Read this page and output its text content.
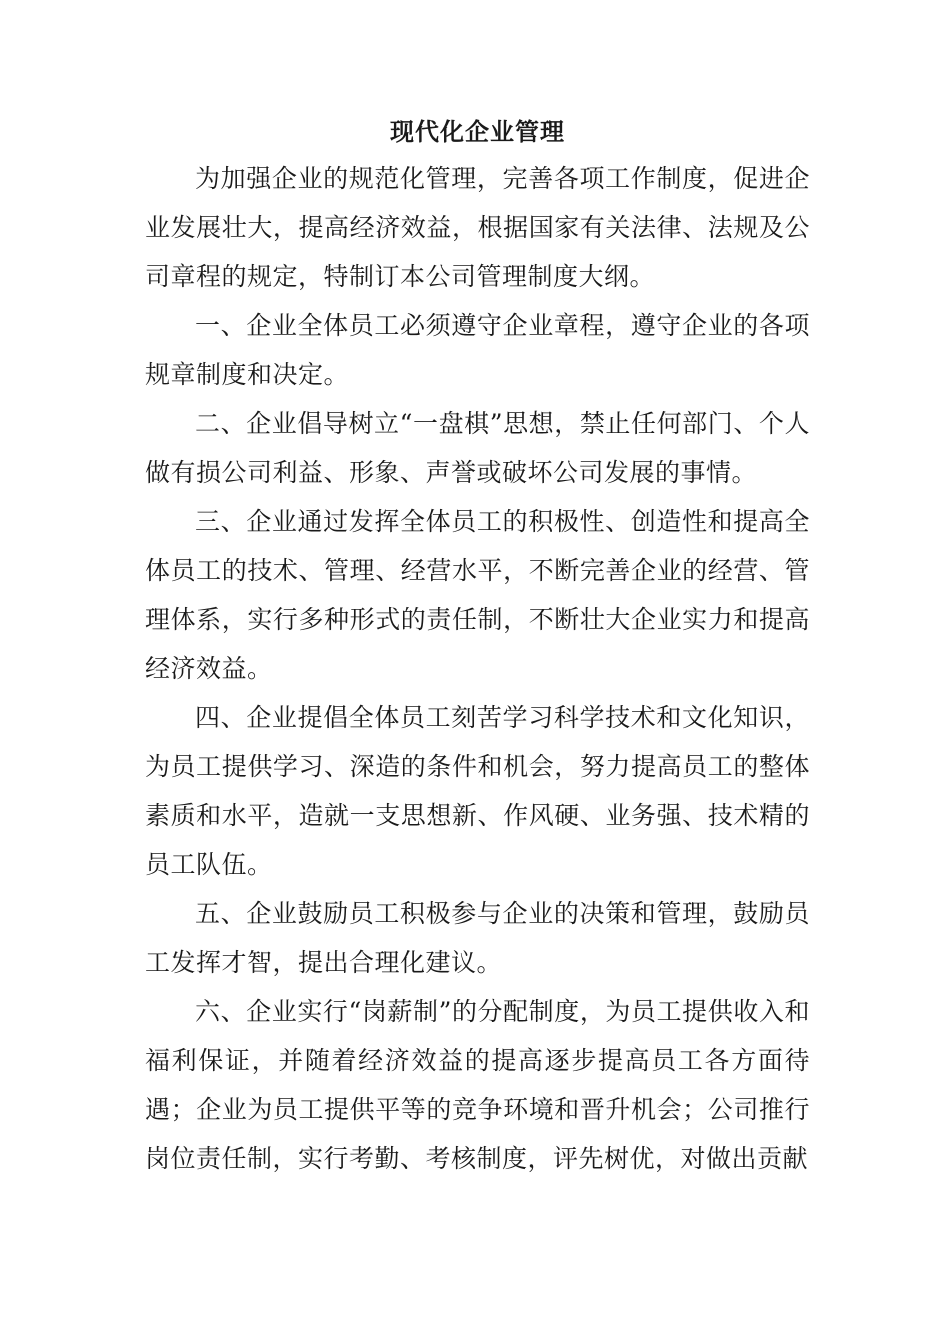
现代化企业管理

为加强企业的规范化管理，完善各项工作制度，促进企业发展壮大，提高经济效益，根据国家有关法律、法规及公司章程的规定，特制订本公司管理制度大纲。

一、企业全体员工必须遵守企业章程，遵守企业的各项规章制度和决定。

二、企业倡导树立“一盘棋”思想，禁止任何部门、个人做有损公司利益、形象、声誉或破坏公司发展的事情。

三、企业通过发挥全体员工的积极性、创造性和提高全体员工的技术、管理、经营水平，不断完善企业的经营、管理体系，实行多种形式的责任制，不断壮大企业实力和提高经济效益。

四、企业提倡全体员工刻苦学习科学技术和文化知识，为员工提供学习、深造的条件和机会，努力提高员工的整体素质和水平，造就一支思想新、作风硬、业务强、技术精的员工队伍。

五、企业鼓励员工积极参与企业的决策和管理，鼓励员工发挥才智，提出合理化建议。

六、企业实行“岗薪制”的分配制度，为员工提供收入和福利保证，并随着经济效益的提高逐步提高员工各方面待遇；企业为员工提供平等的竞争环境和晋升机会；公司推行岗位责任制，实行考勤、考核制度，评先树优，对做出贡献
